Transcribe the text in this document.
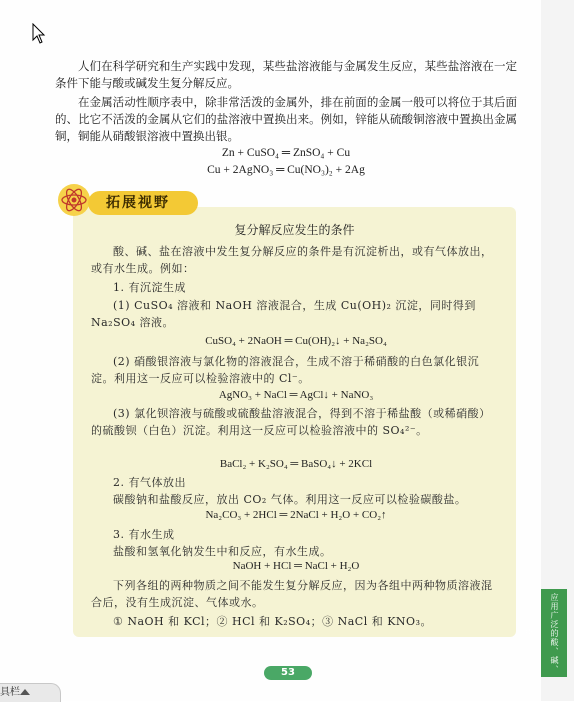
人们在科学研究和生产实践中发现，某些盐溶液能与金属发生反应，某些盐溶液在一定条件下能与酸或碱发生复分解反应。

在金属活动性顺序表中，除非常活泼的金属外，排在前面的金属一般可以将位于其后面的、比它不活泼的金属从它们的盐溶液中置换出来。例如，锌能从硫酸铜溶液中置换出金属铜，铜能从硝酸银溶液中置换出银。

Zn + CuSO₄ ═ ZnSO₄ + Cu
Cu + 2AgNO₃ ═ Cu(NO₃)₂ + 2Ag
拓展视野
复分解反应发生的条件

酸、碱、盐在溶液中发生复分解反应的条件是有沉淀析出，或有气体放出，或有水生成。例如：

1. 有沉淀生成

(1) CuSO₄ 溶液和 NaOH 溶液混合，生成 Cu(OH)₂ 沉淀，同时得到 Na₂SO₄ 溶液。

CuSO₄ + 2NaOH ═ Cu(OH)₂↓ + Na₂SO₄

(2) 硝酸银溶液与氯化物的溶液混合，生成不溶于稀硝酸的白色氯化银沉淀。利用这一反应可以检验溶液中的 Cl⁻。

AgNO₃ + NaCl ═ AgCl↓ + NaNO₃

(3) 氯化钡溶液与硫酸或硫酸盐溶液混合，得到不溶于稀盐酸（或稀硝酸）的硫酸钡（白色）沉淀。利用这一反应可以检验溶液中的 SO₄²⁻。

BaCl₂ + K₂SO₄ ═ BaSO₄↓ + 2KCl

2. 有气体放出

碳酸钠和盐酸反应，放出 CO₂ 气体。利用这一反应可以检验碳酸盐。

Na₂CO₃ + 2HCl ═ 2NaCl + H₂O + CO₂↑

3. 有水生成

盐酸和氢氧化钠发生中和反应，有水生成。

NaOH + HCl ═ NaCl + H₂O

下列各组的两种物质之间不能发生复分解反应，因为各组中两种物质溶液混合后，没有生成沉淀、气体或水。

① NaOH 和 KCl；② HCl 和 K₂SO₄；③ NaCl 和 KNO₃。	应用广泛的酸、碱、盐
53
具栏
